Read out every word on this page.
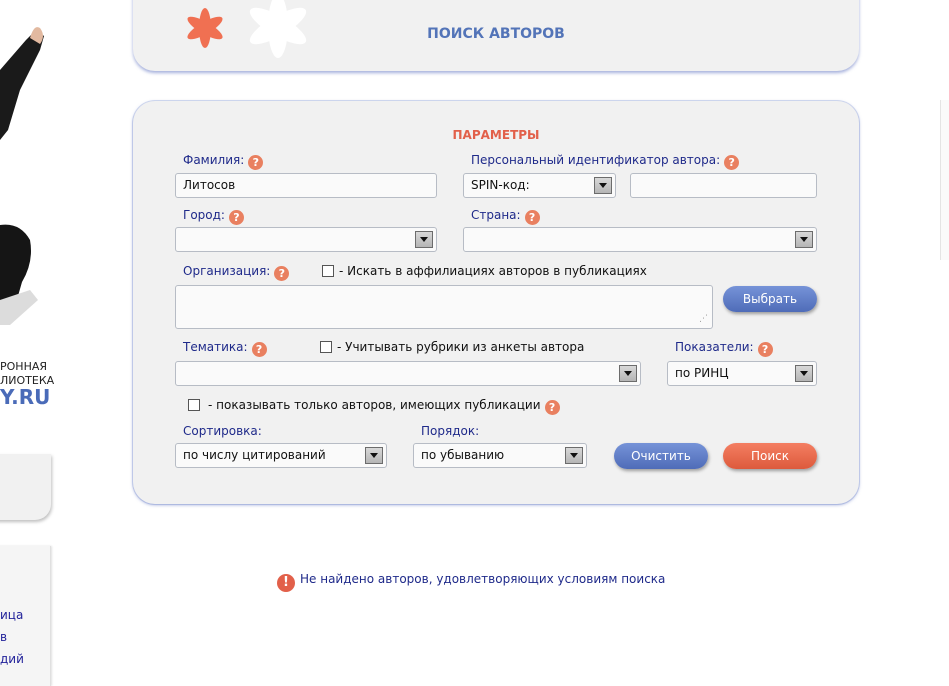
РОННАЯ
ЛИОТЕКА
Y.RU
ица
в
дий
ПОИСК АВТОРОВ
ПАРАМЕТРЫ
Фамилия: ?
Литосов
Персональный идентификатор автора: ?
SPIN-код:
Город: ?	Страна: ?
Организация: ?	- Искать в аффилиациях авторов в публикациях
⋰
Выбрать
Тематика: ?	- Учитывать рубрики из анкеты автора	Показатели: ?
по РИНЦ
- показывать только авторов, имеющих публикации ?
Сортировка:
по числу цитирований
Порядок:
по убыванию	Очистить	Поиск
! Не найдено авторов, удовлетворяющих условиям поиска
